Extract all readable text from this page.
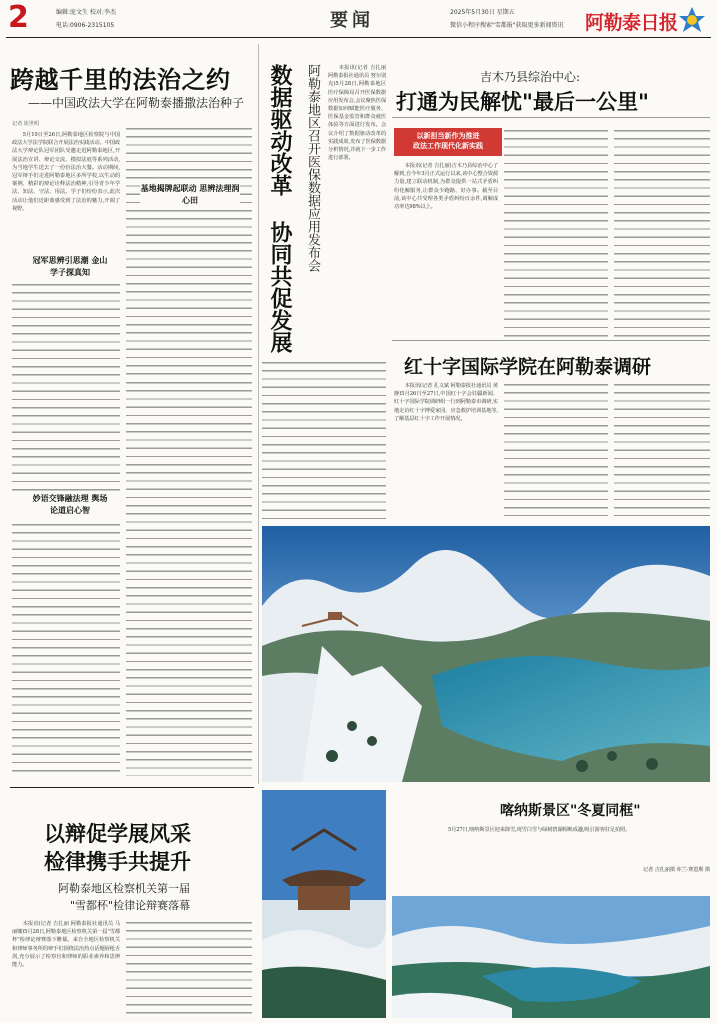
2	编辑:庞文生 校对:李杰
电话:0906-2315105	要闻	2025年5月30日 星期五
微信小程序搜索"雪都报"获取更多新闻资讯	阿勒泰日报
跨越千里的法治之约
——中国政法大学在阿勒泰播撒法治种子
记者 崔世明

5月19日至26日,阿勒泰地区检察院与中国政法大学法学院联合开展法治实践活动。中国政法大学辩论队冠军团队受邀走进阿勒泰地区,开展法治宣讲、辩论交流、模拟法庭等系列活动,为当地学生送去了一份份法治大餐。活动期间,冠军辩手们走进阿勒泰地区多所学校,以生动的案例、精彩的辩论诠释法治精神,引导青少年学法、知法、守法、用法。学子们纷纷表示,此次活动让他们近距离感受到了法治的魅力,开阔了视野。

冠军思辨引思潮 金山学子探真知
基地揭牌起联动 思辨法理润心田
妙语交锋融法理 舆场论道启心智
以辩促学展风采
检律携手共提升
阿勒泰地区检察机关第一届
"雪都杯"检律论辩赛落幕

本报讯(记者 吉扎丽 阿勒泰报社通讯员 马丽娜)5月28日,阿勒泰地区检察机关第一届"雪都杯"检律论辩赛落下帷幕。来自全地区检察机关和律师事务所的辩手们围绕法治热点话题唇枪舌剑,充分展示了检察官和律师的职业素养和思辨能力。

数据驱动改革 协同共促发展 阿勒泰地区召开医保数据应用发布会	本报讯(记者 吉扎丽 阿勒泰报社通讯员 努尔别克)5月28日,阿勒泰地区医疗保障局召开医保数据应用发布会,会议聚焦医保数据如何赋能医疗服务、医保基金监管和群众就医体验等方面进行发布。会议介绍了数据驱动改革的实践成果,发布了医保数据分析情况,并就下一步工作进行部署。

吉木乃县综治中心:
打通为民解忧"最后一公里"
以新担当新作为推进
政法工作现代化新实践

本报讯(记者 吉扎丽)吉木乃县综治中心了解到,自今年3月正式运行以来,该中心整合资源力量,建立联动机制,为群众提供一站式矛盾纠纷化解服务,让群众少跑路、好办事。截至目前,该中心共受理各类矛盾纠纷百余件,调解成功率达98%以上。

红十字国际学院在阿勒泰调研

本报讯(记者 孔文斌 阿勒泰报社通讯员 黄静)5月26日至27日,中国红十字会驻疆新闻、红十字国际学院调研组一行到阿勒泰市调研,实地走访红十字博爱家园、应急救护培训基地等,了解基层红十字工作开展情况。

喀纳斯景区"冬夏同框"
5月27日,喀纳斯景区迎来降雪,现雪白雪与绿树碧湖相映成趣,吸引游客驻足拍照。
记者 吉扎丽摄 库兰·赛恩斯 摄
